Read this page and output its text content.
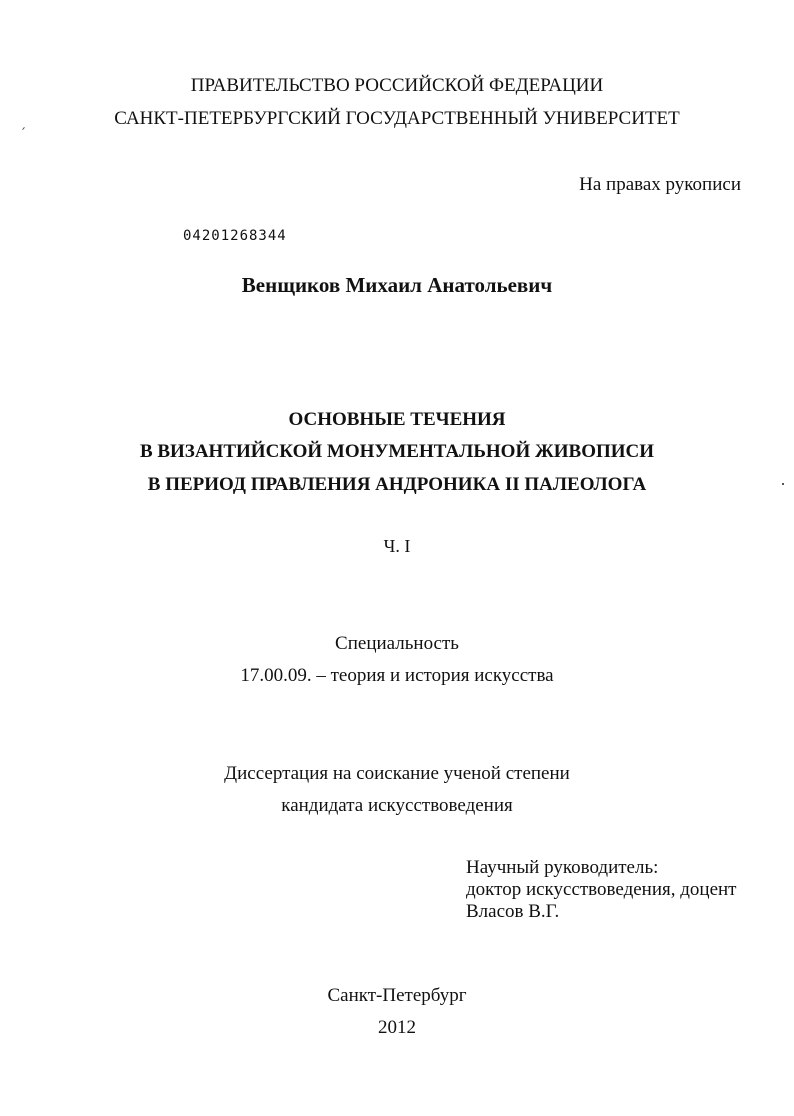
ПРАВИТЕЛЬСТВО РОССИЙСКОЙ ФЕДЕРАЦИИ
САНКТ-ПЕТЕРБУРГСКИЙ ГОСУДАРСТВЕННЫЙ УНИВЕРСИТЕТ
На правах рукописи
04201268344
Венщиков Михаил Анатольевич
ОСНОВНЫЕ ТЕЧЕНИЯ
В ВИЗАНТИЙСКОЙ МОНУМЕНТАЛЬНОЙ ЖИВОПИСИ
В ПЕРИОД ПРАВЛЕНИЯ АНДРОНИКА II ПАЛЕОЛОГА
Ч. I
Специальность
17.00.09. – теория и история искусства
Диссертация на соискание ученой степени
кандидата искусствоведения
Научный руководитель:
доктор искусствоведения, доцент
Власов В.Г.
Санкт-Петербург
2012
